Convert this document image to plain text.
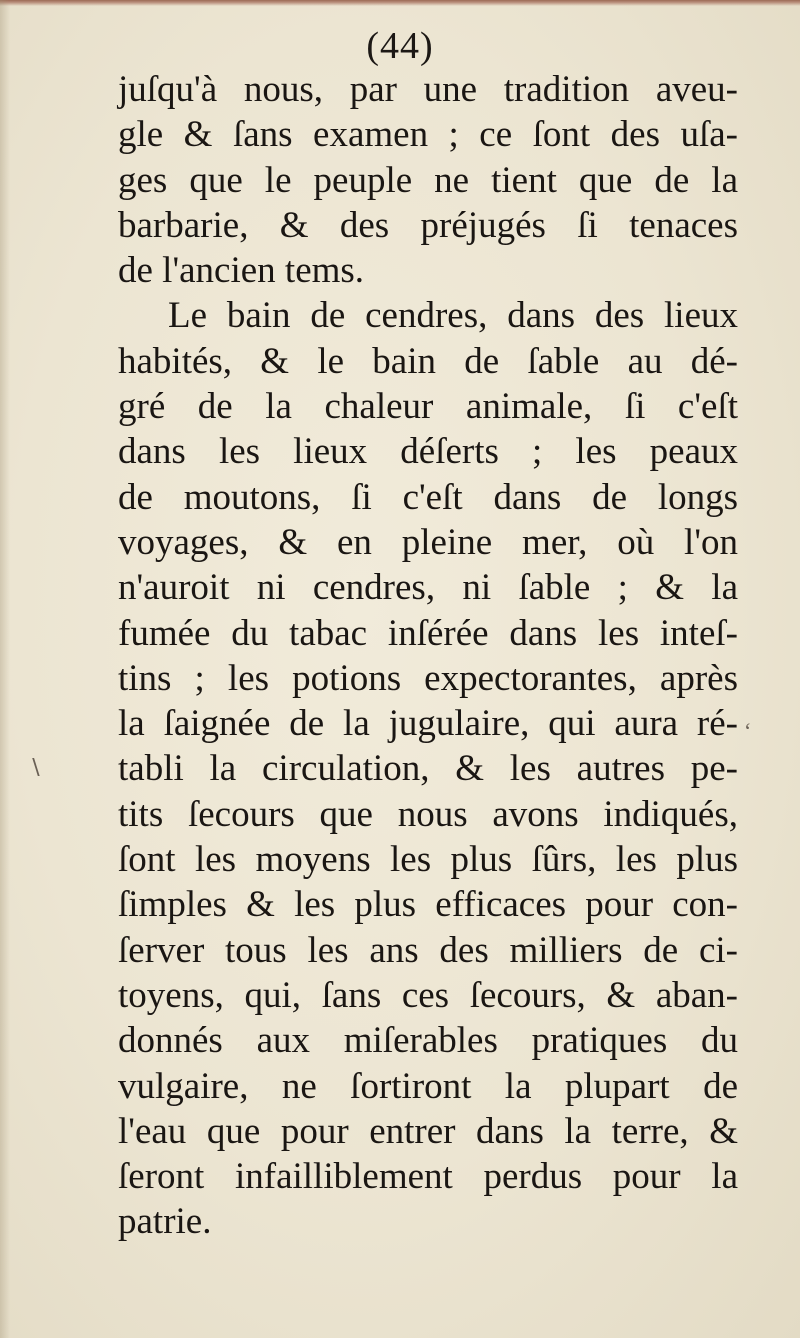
(44)
juſqu'à nous, par une tradition aveu-
gle & ſans examen ; ce ſont des uſa-
ges que le peuple ne tient que de la
barbarie, & des préjugés ſi tenaces
de l'ancien tems.
Le bain de cendres, dans des lieux
habités, & le bain de ſable au dé-
gré de la chaleur animale, ſi c'eſt
dans les lieux déſerts ; les peaux
de moutons, ſi c'eſt dans de longs
voyages, & en pleine mer, où l'on
n'auroit ni cendres, ni ſable ; & la
fumée du tabac inſérée dans les inteſ-
tins ; les potions expectorantes, après
la ſaignée de la jugulaire, qui aura ré-
tabli la circulation, & les autres pe-
tits ſecours que nous avons indiqués,
ſont les moyens les plus ſûrs, les plus
ſimples & les plus efficaces pour con-
ſerver tous les ans des milliers de ci-
toyens, qui, ſans ces ſecours, & aban-
donnés aux miſerables pratiques du
vulgaire, ne ſortiront la plupart de
l'eau que pour entrer dans la terre, &
ſeront infailliblement perdus pour la
patrie.
∖
‘
